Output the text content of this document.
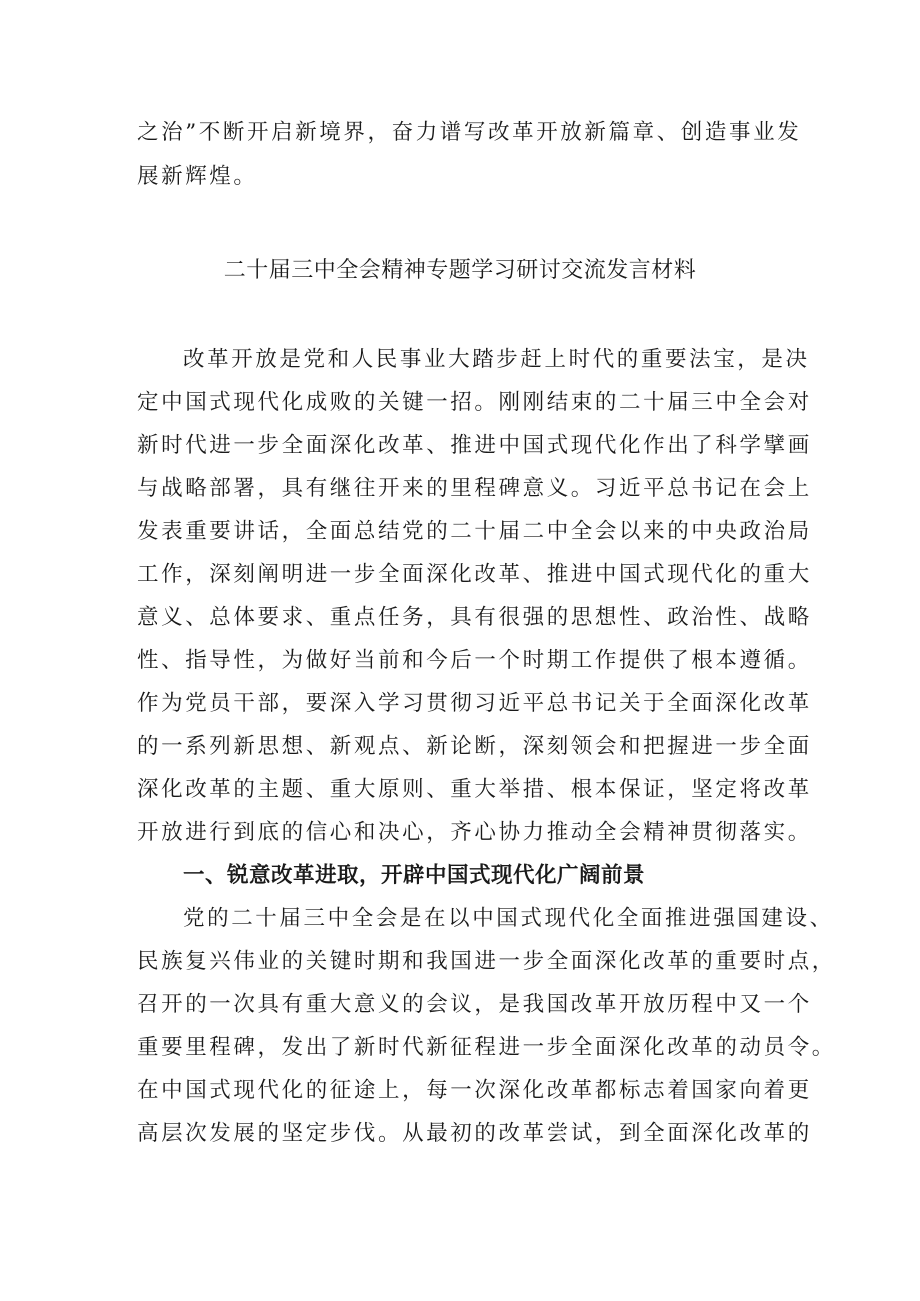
之治”不断开启新境界，奋力谱写改革开放新篇章、创造事业发

展新辉煌。

二十届三中全会精神专题学习研讨交流发言材料

改革开放是党和人民事业大踏步赶上时代的重要法宝，是决

定中国式现代化成败的关键一招。刚刚结束的二十届三中全会对

新时代进一步全面深化改革、推进中国式现代化作出了科学擘画

与战略部署，具有继往开来的里程碑意义。习近平总书记在会上

发表重要讲话，全面总结党的二十届二中全会以来的中央政治局

工作，深刻阐明进一步全面深化改革、推进中国式现代化的重大

意义、总体要求、重点任务，具有很强的思想性、政治性、战略

性、指导性，为做好当前和今后一个时期工作提供了根本遵循。

作为党员干部，要深入学习贯彻习近平总书记关于全面深化改革

的一系列新思想、新观点、新论断，深刻领会和把握进一步全面

深化改革的主题、重大原则、重大举措、根本保证，坚定将改革

开放进行到底的信心和决心，齐心协力推动全会精神贯彻落实。

一、锐意改革进取，开辟中国式现代化广阔前景

党的二十届三中全会是在以中国式现代化全面推进强国建设、

民族复兴伟业的关键时期和我国进一步全面深化改革的重要时点，

召开的一次具有重大意义的会议，是我国改革开放历程中又一个

重要里程碑，发出了新时代新征程进一步全面深化改革的动员令。

在中国式现代化的征途上，每一次深化改革都标志着国家向着更

高层次发展的坚定步伐。从最初的改革尝试，到全面深化改革的
